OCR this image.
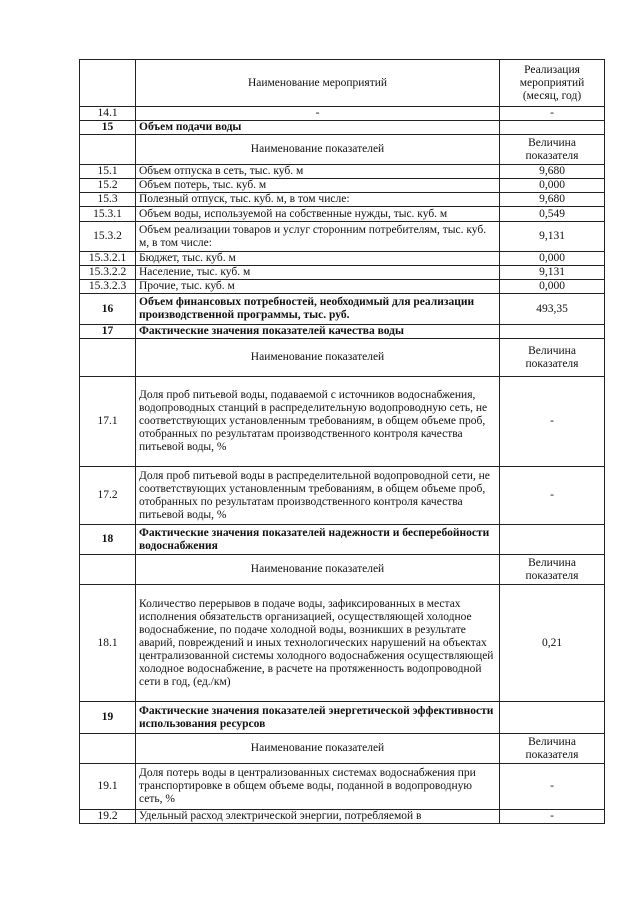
	Наименование мероприятий	Реализация
мероприятий
(месяц, год)

14.1	-	-
15	Объем подачи воды	
	Наименование показателей	Величина
показателя

15.1	Объем отпуска в сеть, тыс. куб. м	9,680
15.2	Объем потерь, тыс. куб. м	0,000
15.3	Полезный отпуск, тыс. куб. м, в том числе:	9,680
15.3.1	Объем воды, используемой на собственные нужды, тыс. куб. м	0,549
15.3.2	Объем реализации товаров и услуг сторонним потребителям, тыс. куб. м, в том числе:	9,131
15.3.2.1	Бюджет, тыс. куб. м	0,000
15.3.2.2	Население, тыс. куб. м	9,131
15.3.2.3	Прочие, тыс. куб. м	0,000
16	Объем финансовых потребностей, необходимый для реализации производственной программы, тыс. руб.	493,35
17	Фактические значения показателей качества воды	
	Наименование показателей	Величина
показателя

17.1	Доля проб питьевой воды, подаваемой с источников водоснабжения, водопроводных станций в распределительную водопроводную сеть, не соответствующих установленным требованиям, в общем объеме проб, отобранных по результатам производственного контроля качества питьевой воды, %	-
17.2	Доля проб питьевой воды в распределительной водопроводной сети, не соответствующих установленным требованиям, в общем объеме проб, отобранных по результатам производственного контроля качества питьевой воды, %	-
18	Фактические значения показателей надежности и бесперебойности водоснабжения	
	Наименование показателей	Величина
показателя

18.1	Количество перерывов в подаче воды, зафиксированных в местах исполнения обязательств организацией, осуществляющей холодное водоснабжение, по подаче холодной воды, возникших в результате аварий, повреждений и иных технологических нарушений на объектах централизованной системы холодного водоснабжения осуществляющей холодное водоснабжение, в расчете на протяженность водопроводной сети в год, (ед./км)	0,21
19	Фактические значения показателей энергетической эффективности использования ресурсов	
	Наименование показателей	Величина
показателя

19.1	Доля потерь воды в централизованных системах водоснабжения при транспортировке в общем объеме воды, поданной в водопроводную сеть, %	-
19.2	Удельный расход электрической энергии, потребляемой в	-
